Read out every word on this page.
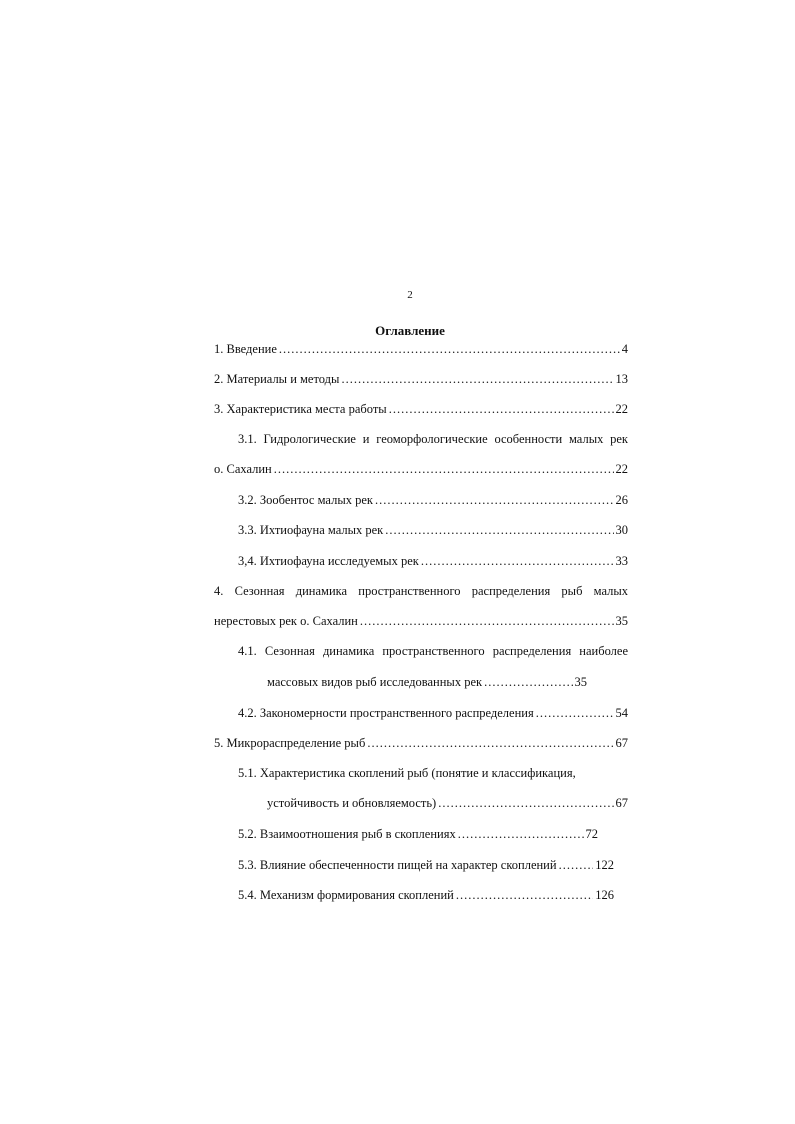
2
Оглавление
1. Введение .....	4
2. Материалы и методы .....	13
3. Характеристика места работы .....	22
3.1. Гидрологические и геоморфологические особенности малых рек
о. Сахалин .....	22
3.2. Зообентос малых рек .....	26
3.3. Ихтиофауна малых рек .....	30
3,4. Ихтиофауна исследуемых рек .....	33
4. Сезонная динамика пространственного распределения рыб малых
нерестовых рек о. Сахалин .....	35
4.1. Сезонная динамика пространственного распределения наиболее
массовых видов рыб исследованных рек .....	35
4.2. Закономерности пространственного распределения .....	54
5. Микрораспределение рыб .....	67
5.1. Характеристика скоплений рыб (понятие и классификация,
устойчивость и обновляемость) .....	67
5.2. Взаимоотношения рыб в скоплениях .....	72
5.3. Влияние обеспеченности пищей на характер скоплений .....	122
5.4. Механизм формирования скоплений .....	126
